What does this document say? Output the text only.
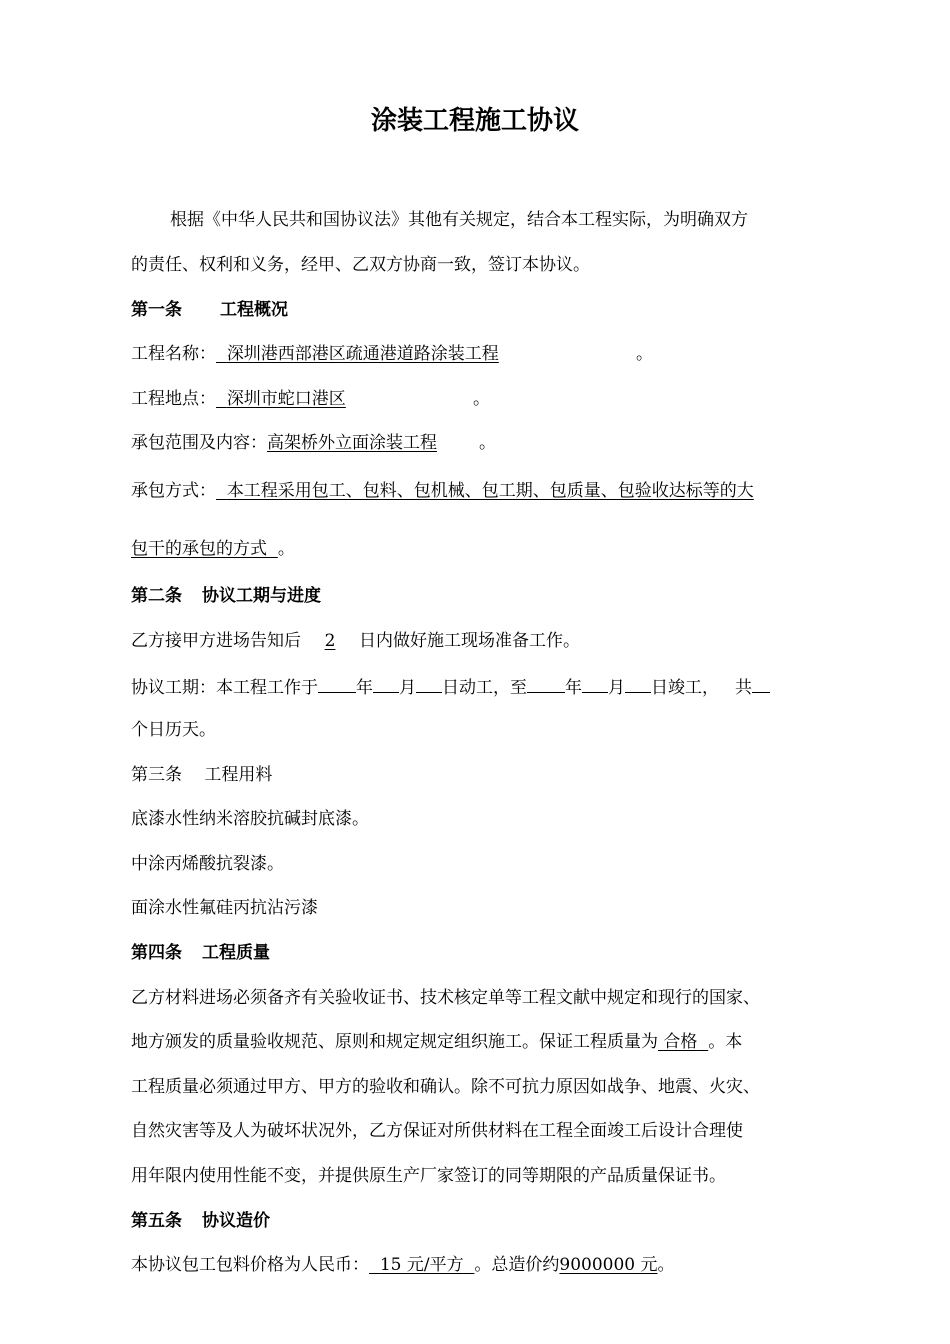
涂装工程施工协议
根据《中华人民共和国协议法》其他有关规定，结合本工程实际，为明确双方
的责任、权利和义务，经甲、乙双方协商一致，签订本协议。
第一条 工程概况
工程名称： 深圳港西部港区疏通港道路涂装工程	。
工程地点： 深圳市蛇口港区	。
承包范围及内容：高架桥外立面涂装工程 。
承包方式： 本工程采用包工、包料、包机械、包工期、包质量、包验收达标等的大
包干的承包的方式 。
第二条 协议工期与进度
乙方接甲方进场告知后 2 日内做好施工现场准备工作。
协议工期：本工程工作于 年 月 日动工，至 年 月 日竣工， 共
个日历天。
第三条　 工程用料
底漆水性纳米溶胶抗碱封底漆。
中涂丙烯酸抗裂漆。
面涂水性氟硅丙抗沾污漆
第四条 工程质量
乙方材料进场必须备齐有关验收证书、技术核定单等工程文献中规定和现行的国家、
地方颁发的质量验收规范、原则和规定规定组织施工。保证工程质量为 合格 。本
工程质量必须通过甲方、甲方的验收和确认。除不可抗力原因如战争、地震、火灾、
自然灾害等及人为破坏状况外，乙方保证对所供材料在工程全面竣工后设计合理使
用年限内使用性能不变，并提供原生产厂家签订的同等期限的产品质量保证书。
第五条 协议造价
本协议包工包料价格为人民币： 15 元/平方 。总造价约9000000 元。
